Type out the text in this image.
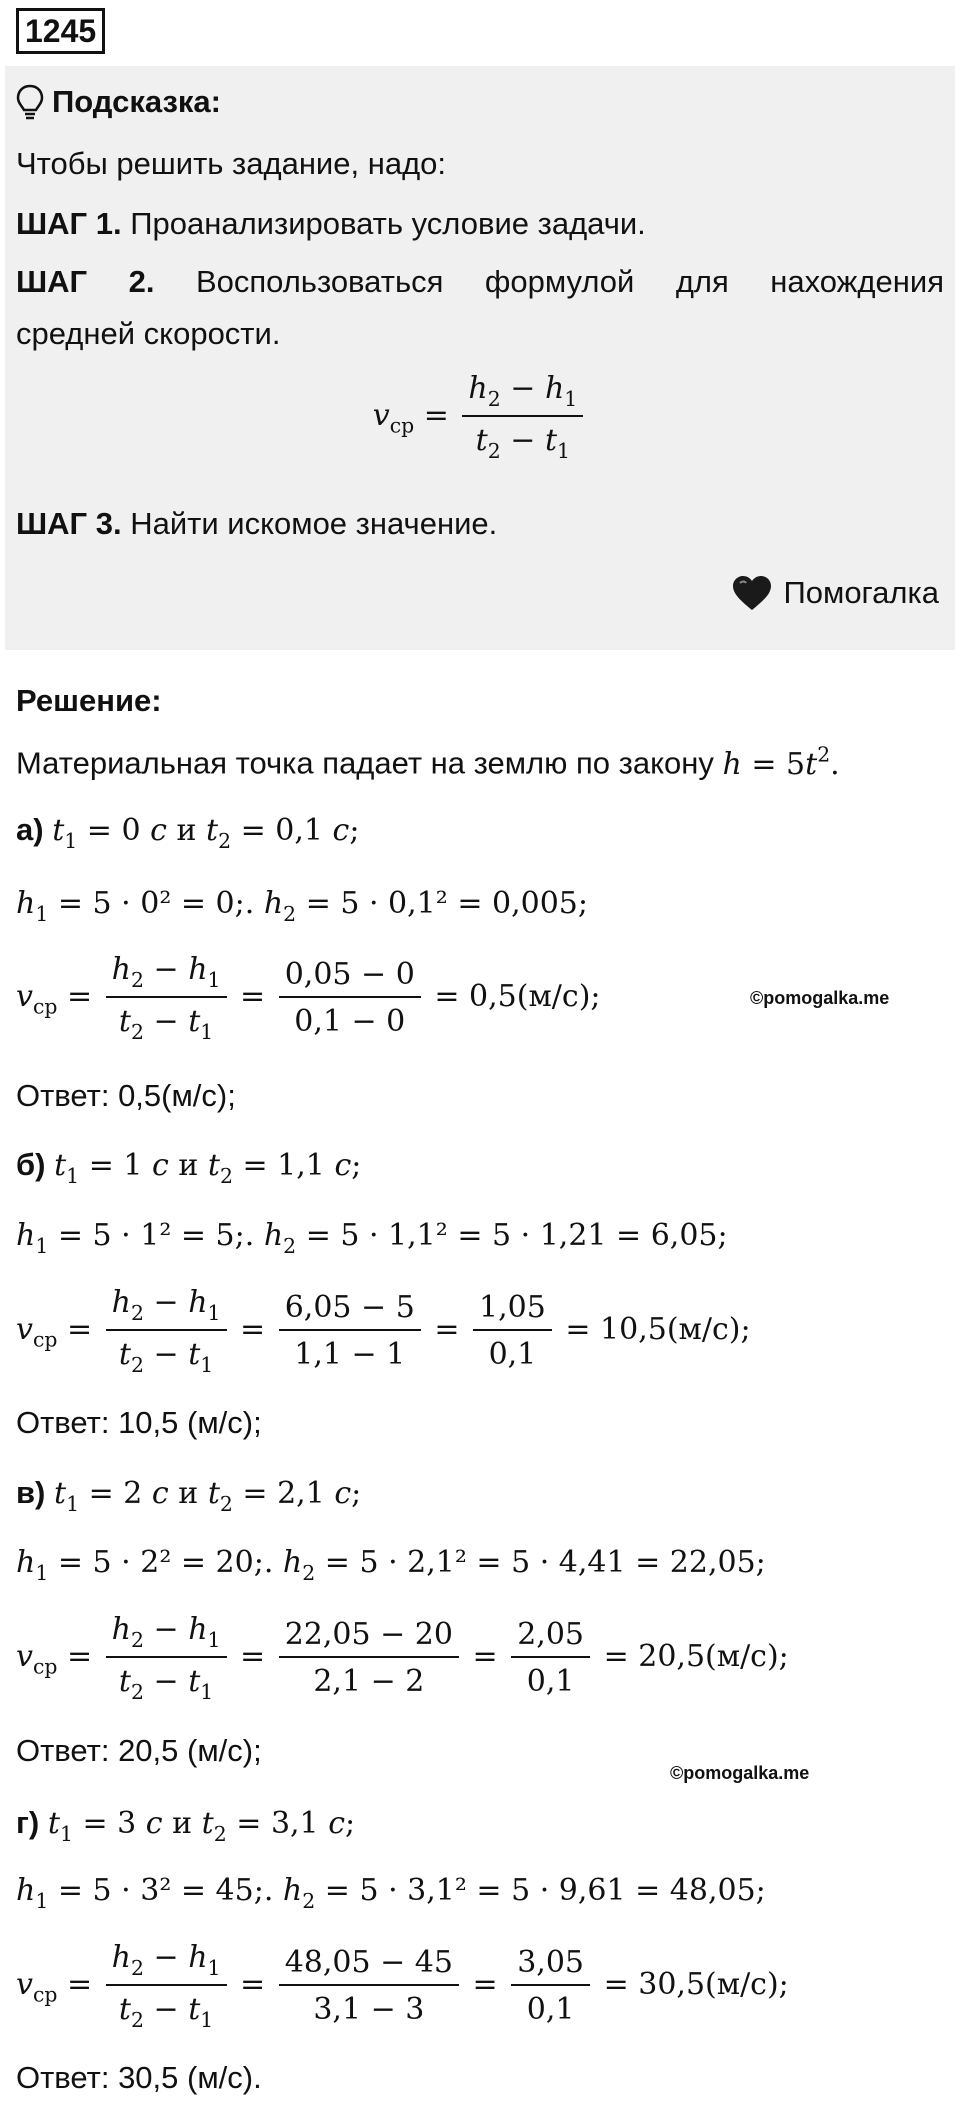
1245
Подсказка:
Чтобы решить задание, надо:
ШАГ 1. Проанализировать условие задачи.
ШАГ 2. Воспользоваться формулой для нахождения
средней скорости.
$v_{ср} = \frac{h_2 - h_1}{t_2 - t_1}$
ШАГ 3. Найти искомое значение.
Помогалка
Решение:
Материальная точка падает на землю по закону $h = 5t^2$.
а) $t_1 = 0$ c и $t_2 = 0,1$ c;
$h_1 = 5 \cdot 0^2 = 0$;. $h_2 = 5 \cdot 0,1^2 = 0,005$;
$v_{ср} = \frac{h_2 - h_1}{t_2 - t_1} = \frac{0,05 - 0}{0,1 - 0} = 0,5(м/с)$;	©pomogalka.me
Ответ: 0,5(м/с);
б) $t_1 = 1$ c и $t_2 = 1,1$ c;
$h_1 = 5 \cdot 1^2 = 5$;. $h_2 = 5 \cdot 1,1^2 = 5 \cdot 1,21 = 6,05$;
$v_{ср} = \frac{h_2 - h_1}{t_2 - t_1} = \frac{6,05 - 5}{1,1 - 1} = \frac{1,05}{0,1} = 10,5(м/с)$;
Ответ: 10,5 (м/с);
в) $t_1 = 2$ c и $t_2 = 2,1$ c;
$h_1 = 5 \cdot 2^2 = 20$;. $h_2 = 5 \cdot 2,1^2 = 5 \cdot 4,41 = 22,05$;
$v_{ср} = \frac{h_2 - h_1}{t_2 - t_1} = \frac{22,05 - 20}{2,1 - 2} = \frac{2,05}{0,1} = 20,5(м/с)$;
Ответ: 20,5 (м/с);
©pomogalka.me
г) $t_1 = 3$ c и $t_2 = 3,1$ c;
$h_1 = 5 \cdot 3^2 = 45$;. $h_2 = 5 \cdot 3,1^2 = 5 \cdot 9,61 = 48,05$;
$v_{ср} = \frac{h_2 - h_1}{t_2 - t_1} = \frac{48,05 - 45}{3,1 - 3} = \frac{3,05}{0,1} = 30,5(м/с)$;
Ответ: 30,5 (м/с).
